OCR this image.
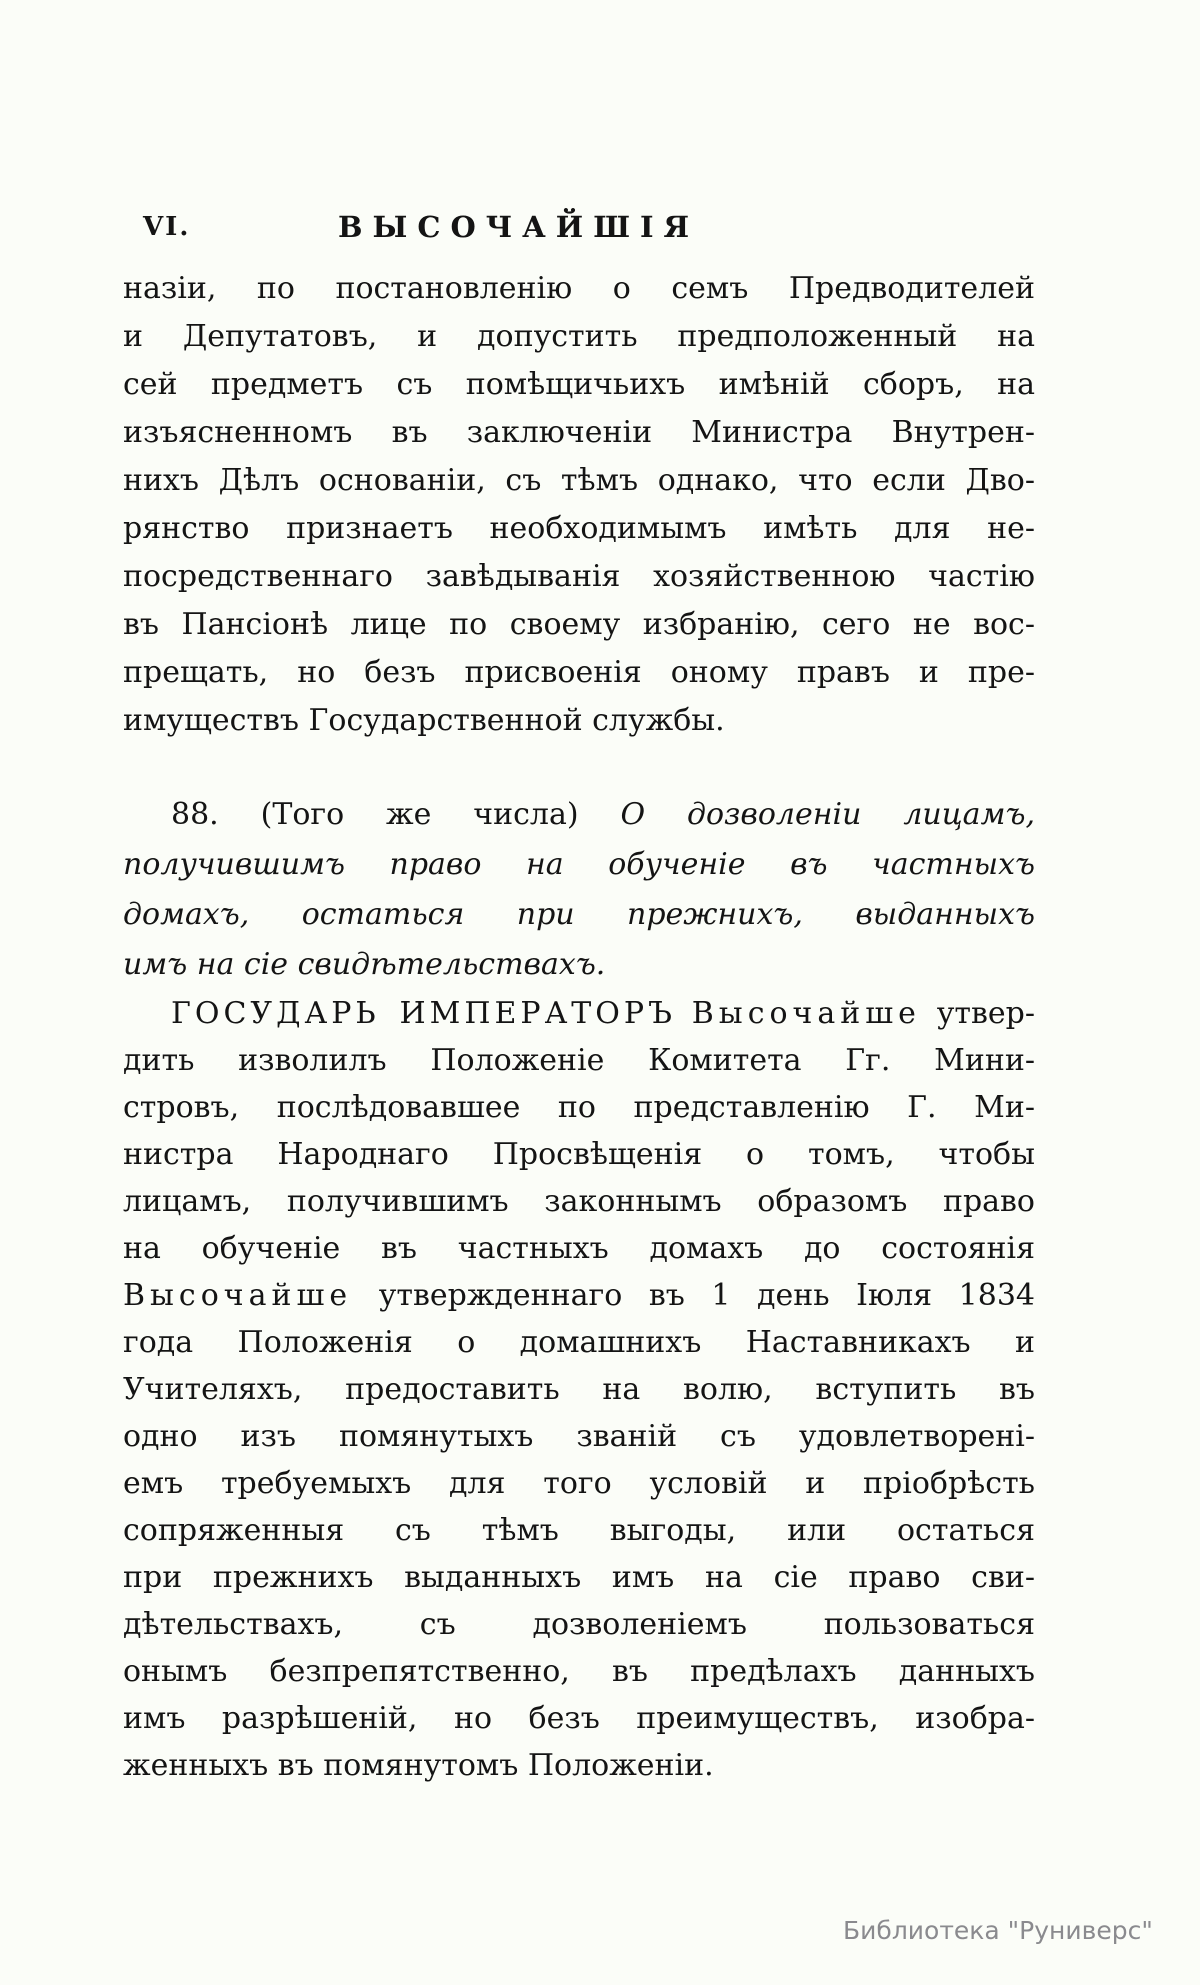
VI.	ВЫСОЧАЙШІЯ
назіи, по постановленію о семъ Предводителей
и Депутатовъ, и допустить предположенный на
сей предметъ съ помѣщичьихъ имѣній сборъ, на
изъясненномъ въ заключеніи Министра Внутрен-
нихъ Дѣлъ основаніи, съ тѣмъ однако, что если Дво-
рянство признаетъ необходимымъ имѣть для не-
посредственнаго завѣдыванія хозяйственною частію
въ Пансіонѣ лице по своему избранію, сего не вос-
прещать, но безъ присвоенія оному правъ и пре-
имуществъ Государственной службы.
88. (Того же числа) О дозволеніи лицамъ,
получившимъ право на обученіе въ частныхъ
домахъ, остаться при прежнихъ, выданныхъ
имъ на сіе свидѣтельствахъ.
ГОСУДАРЬ ИМПЕРАТОРЪ Высочайше утвер-
дить изволилъ Положеніе Комитета Гг. Мини-
стровъ, послѣдовавшее по представленію Г. Ми-
нистра Народнаго Просвѣщенія о томъ, чтобы
лицамъ, получившимъ законнымъ образомъ право
на обученіе въ частныхъ домахъ до состоянія
Высочайше утвержденнаго въ 1 день Іюля 1834
года Положенія о домашнихъ Наставникахъ и
Учителяхъ, предоставить на волю, вступить въ
одно изъ помянутыхъ званій съ удовлетворені-
емъ требуемыхъ для того условій и пріобрѣсть
сопряженныя съ тѣмъ выгоды, или остаться
при прежнихъ выданныхъ имъ на сіе право сви-
дѣтельствахъ, съ дозволеніемъ пользоваться
онымъ безпрепятственно, въ предѣлахъ данныхъ
имъ разрѣшеній, но безъ преимуществъ, изобра-
женныхъ въ помянутомъ Положеніи.
Библиотека "Руниверс"
